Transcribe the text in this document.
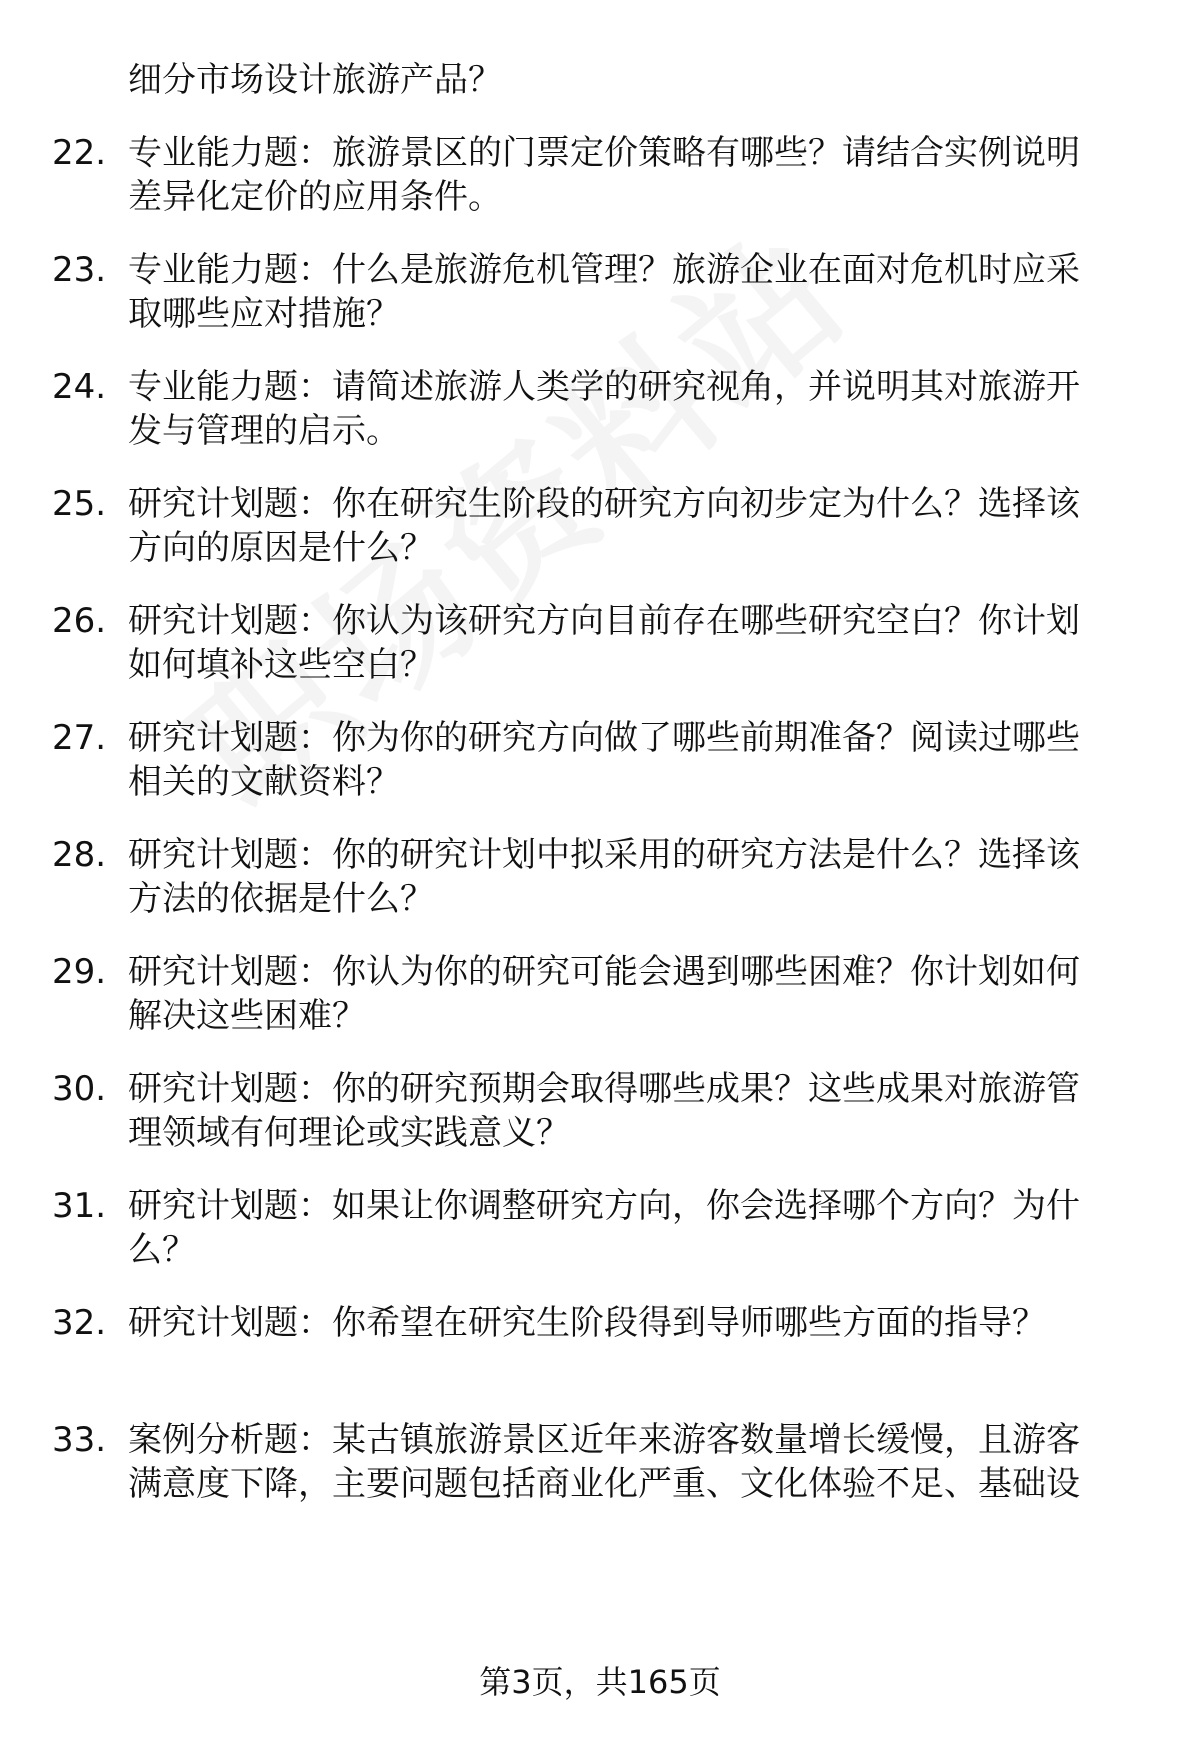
细分市场设计旅游产品？
22. 专业能力题：旅游景区的门票定价策略有哪些？请结合实例说明
差异化定价的应用条件。
23. 专业能力题：什么是旅游危机管理？旅游企业在面对危机时应采
取哪些应对措施？
24. 专业能力题：请简述旅游人类学的研究视角，并说明其对旅游开
发与管理的启示。
25. 研究计划题：你在研究生阶段的研究方向初步定为什么？选择该
方向的原因是什么？
26. 研究计划题：你认为该研究方向目前存在哪些研究空白？你计划
如何填补这些空白？
27. 研究计划题：你为你的研究方向做了哪些前期准备？阅读过哪些
相关的文献资料？
28. 研究计划题：你的研究计划中拟采用的研究方法是什么？选择该
方法的依据是什么？
29. 研究计划题：你认为你的研究可能会遇到哪些困难？你计划如何
解决这些困难？
30. 研究计划题：你的研究预期会取得哪些成果？这些成果对旅游管
理领域有何理论或实践意义？
31. 研究计划题：如果让你调整研究方向，你会选择哪个方向？为什
么？
32. 研究计划题：你希望在研究生阶段得到导师哪些方面的指导？
33. 案例分析题：某古镇旅游景区近年来游客数量增长缓慢，且游客
满意度下降，主要问题包括商业化严重、文化体验不足、基础设
第3页，共165页
